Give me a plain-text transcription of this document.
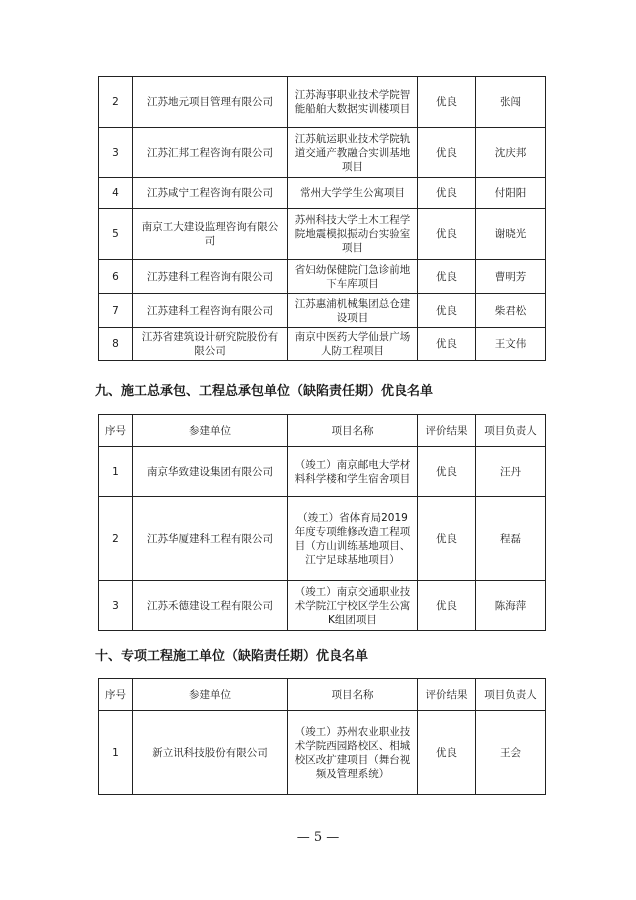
2	江苏地元项目管理有限公司	江苏海事职业技术学院智能船舶大数据实训楼项目	优良	张闯
3	江苏汇邦工程咨询有限公司	江苏航运职业技术学院轨道交通产教融合实训基地项目	优良	沈庆邦
4	江苏咸宁工程咨询有限公司	常州大学学生公寓项目	优良	付阳阳
5	南京工大建设监理咨询有限公司	苏州科技大学土木工程学院地震模拟振动台实验室项目	优良	谢晓光
6	江苏建科工程咨询有限公司	省妇幼保健院门急诊前地下车库项目	优良	曹明芳
7	江苏建科工程咨询有限公司	江苏惠浦机械集团总仓建设项目	优良	柴君松
8	江苏省建筑设计研究院股份有限公司	南京中医药大学仙景广场人防工程项目	优良	王文伟
九、施工总承包、工程总承包单位（缺陷责任期）优良名单
序号	参建单位	项目名称	评价结果	项目负责人
1	南京华致建设集团有限公司	（竣工）南京邮电大学材料科学楼和学生宿舍项目	优良	汪丹
2	江苏华厦建科工程有限公司	（竣工）省体育局2019年度专项维修改造工程项目（方山训练基地项目、江宁足球基地项目）	优良	程磊
3	江苏禾德建设工程有限公司	（竣工）南京交通职业技术学院江宁校区学生公寓K组团项目	优良	陈海萍
十、专项工程施工单位（缺陷责任期）优良名单
序号	参建单位	项目名称	评价结果	项目负责人
1	新立讯科技股份有限公司	（竣工）苏州农业职业技术学院西园路校区、相城校区改扩建项目（舞台视频及管理系统）	优良	王会
— 5 —
